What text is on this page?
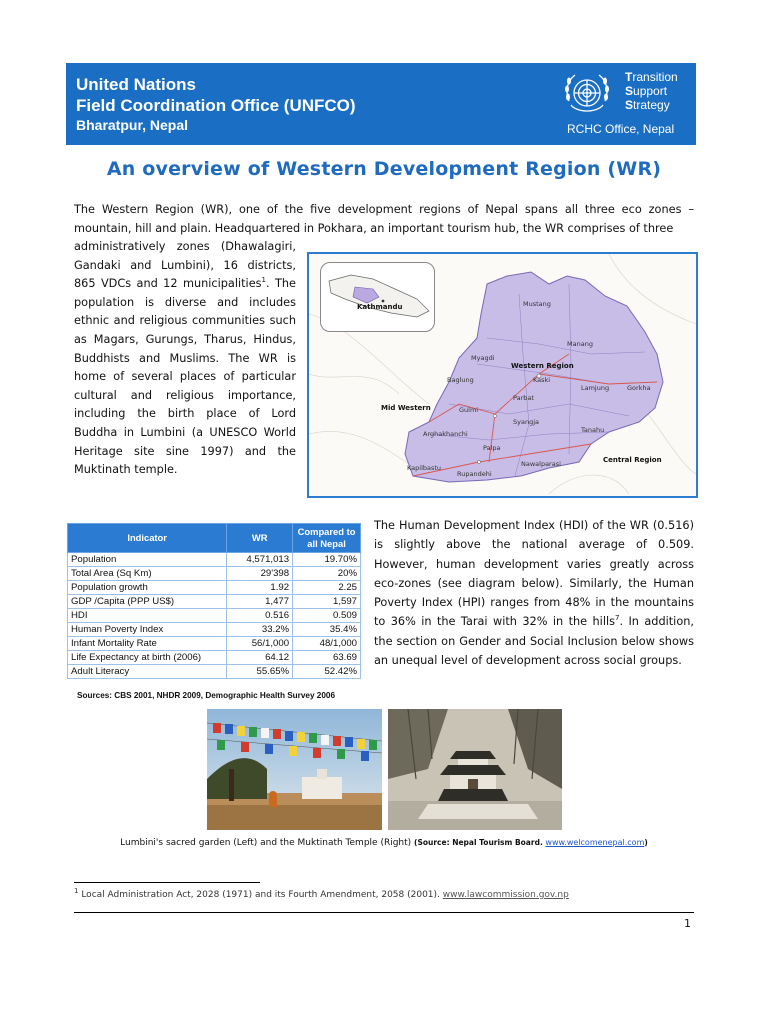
United Nations
Field Coordination Office (UNFCO)
Bharatpur, Nepal
Transition
Support
Strategy
RCHC Office, Nepal
An overview of Western Development Region (WR)
The Western Region (WR), one of the five development regions of Nepal spans all three eco zones – mountain, hill and plain. Headquartered in Pokhara, an important tourism hub, the WR comprises of three
administratively zones (Dhawalagiri, Gandaki and Lumbini), 16 districts, 865 VDCs and 12 municipalities$^1$. The population is diverse and includes ethnic and religious communities such as Magars, Gurungs, Tharus, Hindus, Buddhists and Muslims. The WR is home of several places of particular cultural and religious importance, including the birth place of Lord Buddha in Lumbini (a UNESCO World Heritage site sine 1997) and the Muktinath temple.
Kathmandu	Mustang
Manang
Myagdi
Western Region
Baglung	Kaski
Lamjung	Gorkha
Parbat
Mid Western	Gulmi
Syangja
Tanahu
Arghakhanchi
Palpa
Kapilbastu
Rupandehi
Nawalparasi	Central Region
Indicator	WR	Compared to all Nepal
Population	4,571,013	19.70%
Total Area (Sq Km)	29'398	20%
Population growth	1.92	2.25
GDP /Capita (PPP US$)	1,477	1,597
HDI	0.516	0.509
Human Poverty Index	33.2%	35.4%
Infant Mortality Rate	56/1,000	48/1,000
Life Expectancy at birth (2006)	64.12	63.69
Adult Literacy	55.65%	52.42%
Sources: CBS 2001, NHDR 2009, Demographic Health Survey 2006
The Human Development Index (HDI) of the WR (0.516) is slightly above the national average of 0.509. However, human development varies greatly across eco-zones (see diagram below). Similarly, the Human Poverty Index (HPI) ranges from 48% in the mountains to 36% in the Tarai with 32% in the hills$^7$. In addition, the section on Gender and Social Inclusion below shows an unequal level of development across social groups.
Lumbini's sacred garden (Left) and the Muktinath Temple (Right) (Source: Nepal Tourism Board. www.welcomenepal.com)
$^1$ Local Administration Act, 2028 (1971) and its Fourth Amendment, 2058 (2001). www.lawcommission.gov.np
1
